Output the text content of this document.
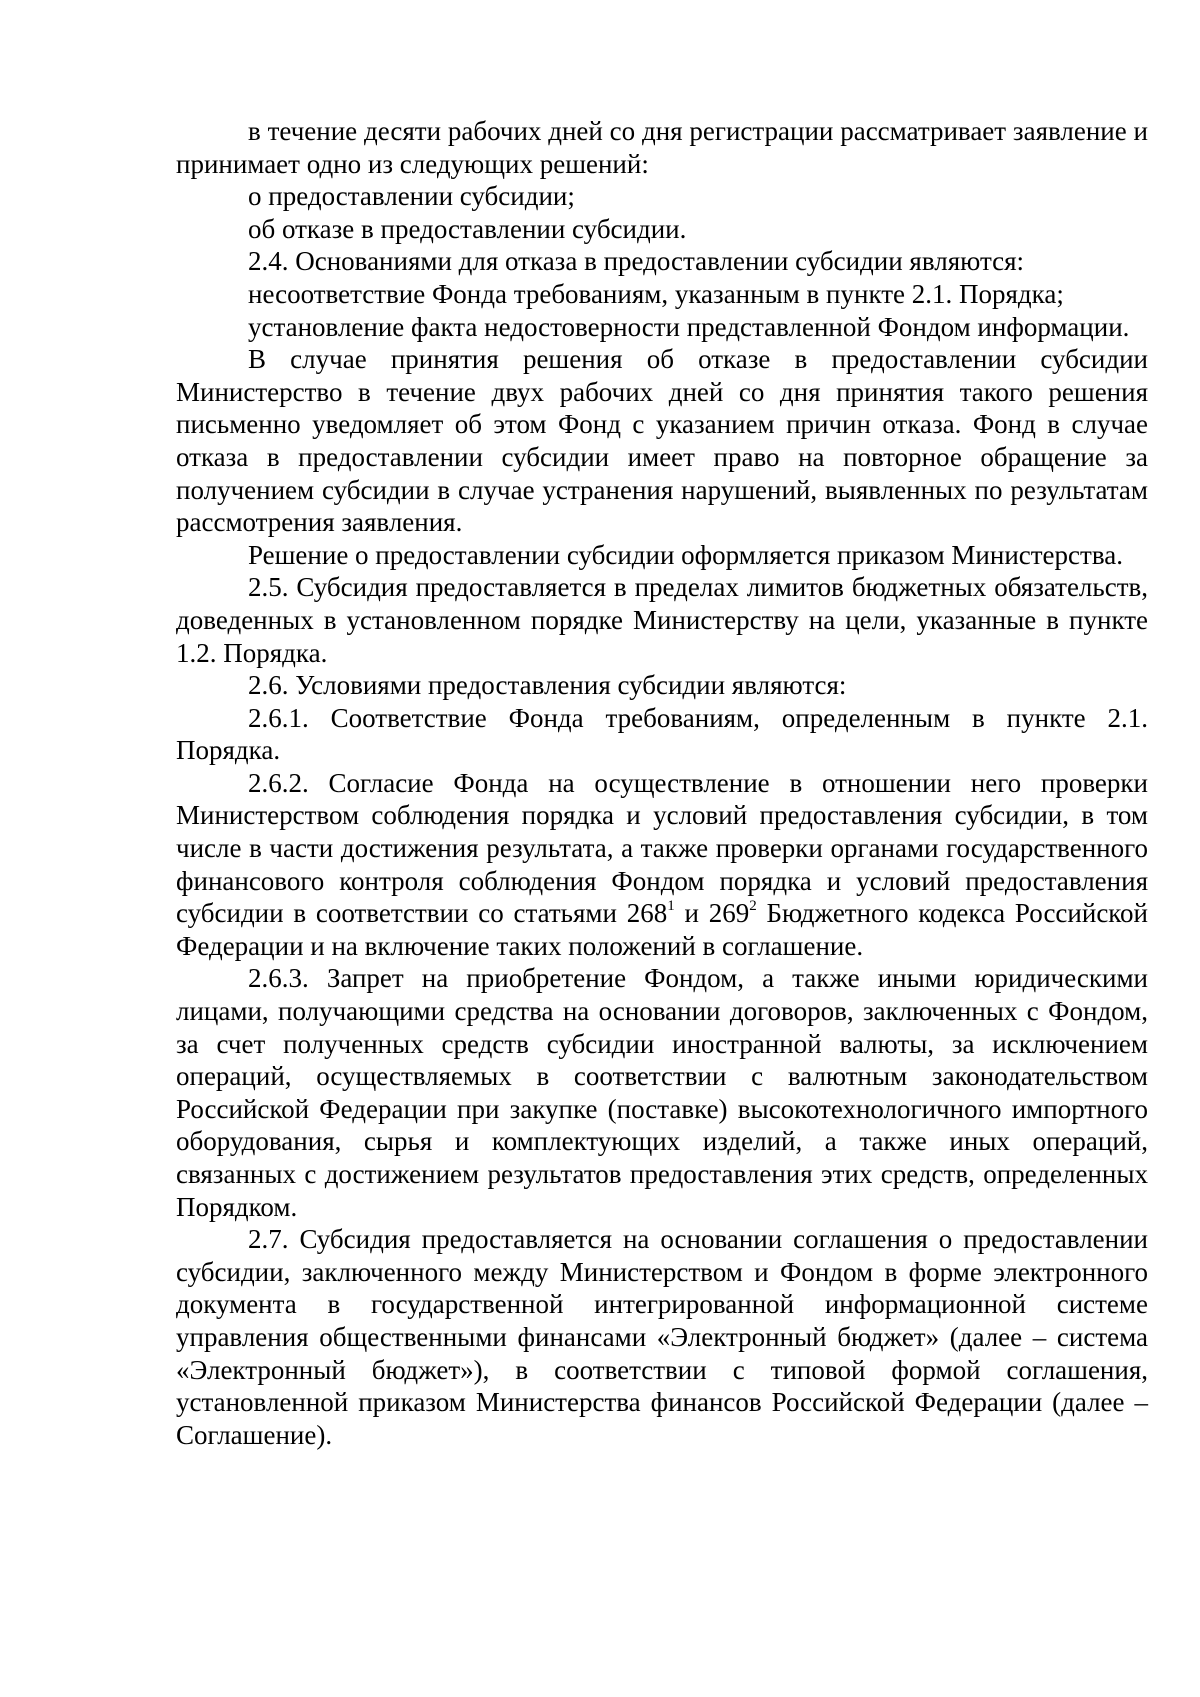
в течение десяти рабочих дней со дня регистрации рассматривает заявление и принимает одно из следующих решений:

о предоставлении субсидии;

об отказе в предоставлении субсидии.

2.4. Основаниями для отказа в предоставлении субсидии являются:

несоответствие Фонда требованиям, указанным в пункте 2.1. Порядка;

установление факта недостоверности представленной Фондом информации.

В случае принятия решения об отказе в предоставлении субсидии Министерство в течение двух рабочих дней со дня принятия такого решения письменно уведомляет об этом Фонд с указанием причин отказа. Фонд в случае отказа в предоставлении субсидии имеет право на повторное обращение за получением субсидии в случае устранения нарушений, выявленных по результатам рассмотрения заявления.

Решение о предоставлении субсидии оформляется приказом Министерства.

2.5. Субсидия предоставляется в пределах лимитов бюджетных обязательств, доведенных в установленном порядке Министерству на цели, указанные в пункте 1.2. Порядка.

2.6. Условиями предоставления субсидии являются:

2.6.1. Соответствие Фонда требованиям, определенным в пункте 2.1. Порядка.

2.6.2. Согласие Фонда на осуществление в отношении него проверки Министерством соблюдения порядка и условий предоставления субсидии, в том числе в части достижения результата, а также проверки органами государственного финансового контроля соблюдения Фондом порядка и условий предоставления субсидии в соответствии со статьями $268^1$ и $269^2$ Бюджетного кодекса Российской Федерации и на включение таких положений в соглашение.

2.6.3. Запрет на приобретение Фондом, а также иными юридическими лицами, получающими средства на основании договоров, заключенных с Фондом, за счет полученных средств субсидии иностранной валюты, за исключением операций, осуществляемых в соответствии с валютным законодательством Российской Федерации при закупке (поставке) высокотехнологичного импортного оборудования, сырья и комплектующих изделий, а также иных операций, связанных с достижением результатов предоставления этих средств, определенных Порядком.

2.7. Субсидия предоставляется на основании соглашения о предоставлении субсидии, заключенного между Министерством и Фондом в форме электронного документа в государственной интегрированной информационной системе управления общественными финансами «Электронный бюджет» (далее – система «Электронный бюджет»), в соответствии с типовой формой соглашения, установленной приказом Министерства финансов Российской Федерации (далее – Соглашение).
